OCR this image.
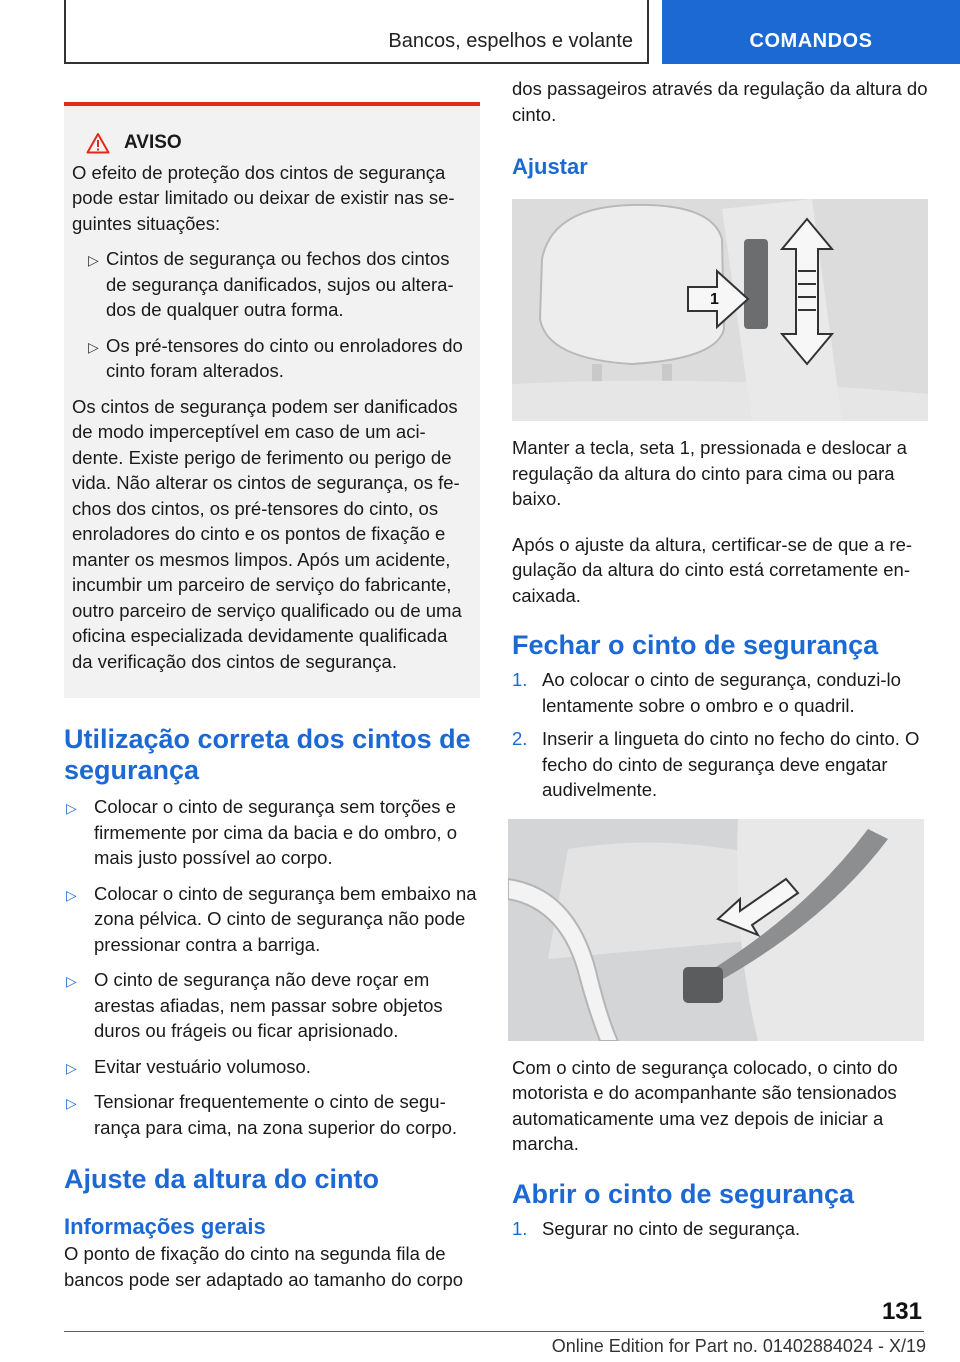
Bancos, espelhos e volante	COMANDOS
AVISO

O efeito de proteção dos cintos de segurança pode estar limitado ou deixar de existir nas se‐ guintes situações:

▷ Cintos de segurança ou fechos dos cintos de segurança danificados, sujos ou altera‐ dos de qualquer outra forma.
▷ Os pré-tensores do cinto ou enroladores do cinto foram alterados.

Os cintos de segurança podem ser danificados de modo imperceptível em caso de um aci‐ dente. Existe perigo de ferimento ou perigo de vida. Não alterar os cintos de segurança, os fe‐ chos dos cintos, os pré-tensores do cinto, os enroladores do cinto e os pontos de fixação e manter os mesmos limpos. Após um acidente, incumbir um parceiro de serviço do fabricante, outro parceiro de serviço qualificado ou de uma oficina especializada devidamente qualificada da verificação dos cintos de segurança.

Utilização correta dos cintos de segurança
▷ Colocar o cinto de segurança sem torções e firmemente por cima da bacia e do ombro, o mais justo possível ao corpo.
▷ Colocar o cinto de segurança bem embaixo na zona pélvica. O cinto de segurança não pode pressionar contra a barriga.
▷ O cinto de segurança não deve roçar em arestas afiadas, nem passar sobre objetos duros ou frágeis ou ficar aprisionado.
▷ Evitar vestuário volumoso.
▷ Tensionar frequentemente o cinto de segu‐ rança para cima, na zona superior do corpo.
Ajuste da altura do cinto
Informações gerais

O ponto de fixação do cinto na segunda fila de bancos pode ser adaptado ao tamanho do corpo

dos passageiros através da regulação da altura do cinto.

Ajustar
1

Manter a tecla, seta 1, pressionada e deslocar a regulação da altura do cinto para cima ou para baixo.

Após o ajuste da altura, certificar-se de que a re‐ gulação da altura do cinto está corretamente en‐ caixada.

Fechar o cinto de segurança
1. Ao colocar o cinto de segurança, conduzi-lo lentamente sobre o ombro e o quadril.
2. Inserir a lingueta do cinto no fecho do cinto. O fecho do cinto de segurança deve engatar audivelmente.

Com o cinto de segurança colocado, o cinto do motorista e do acompanhante são tensionados automaticamente uma vez depois de iniciar a marcha.

Abrir o cinto de segurança
1. Segurar no cinto de segurança.
131
Online Edition for Part no. 01402884024 - X/19
